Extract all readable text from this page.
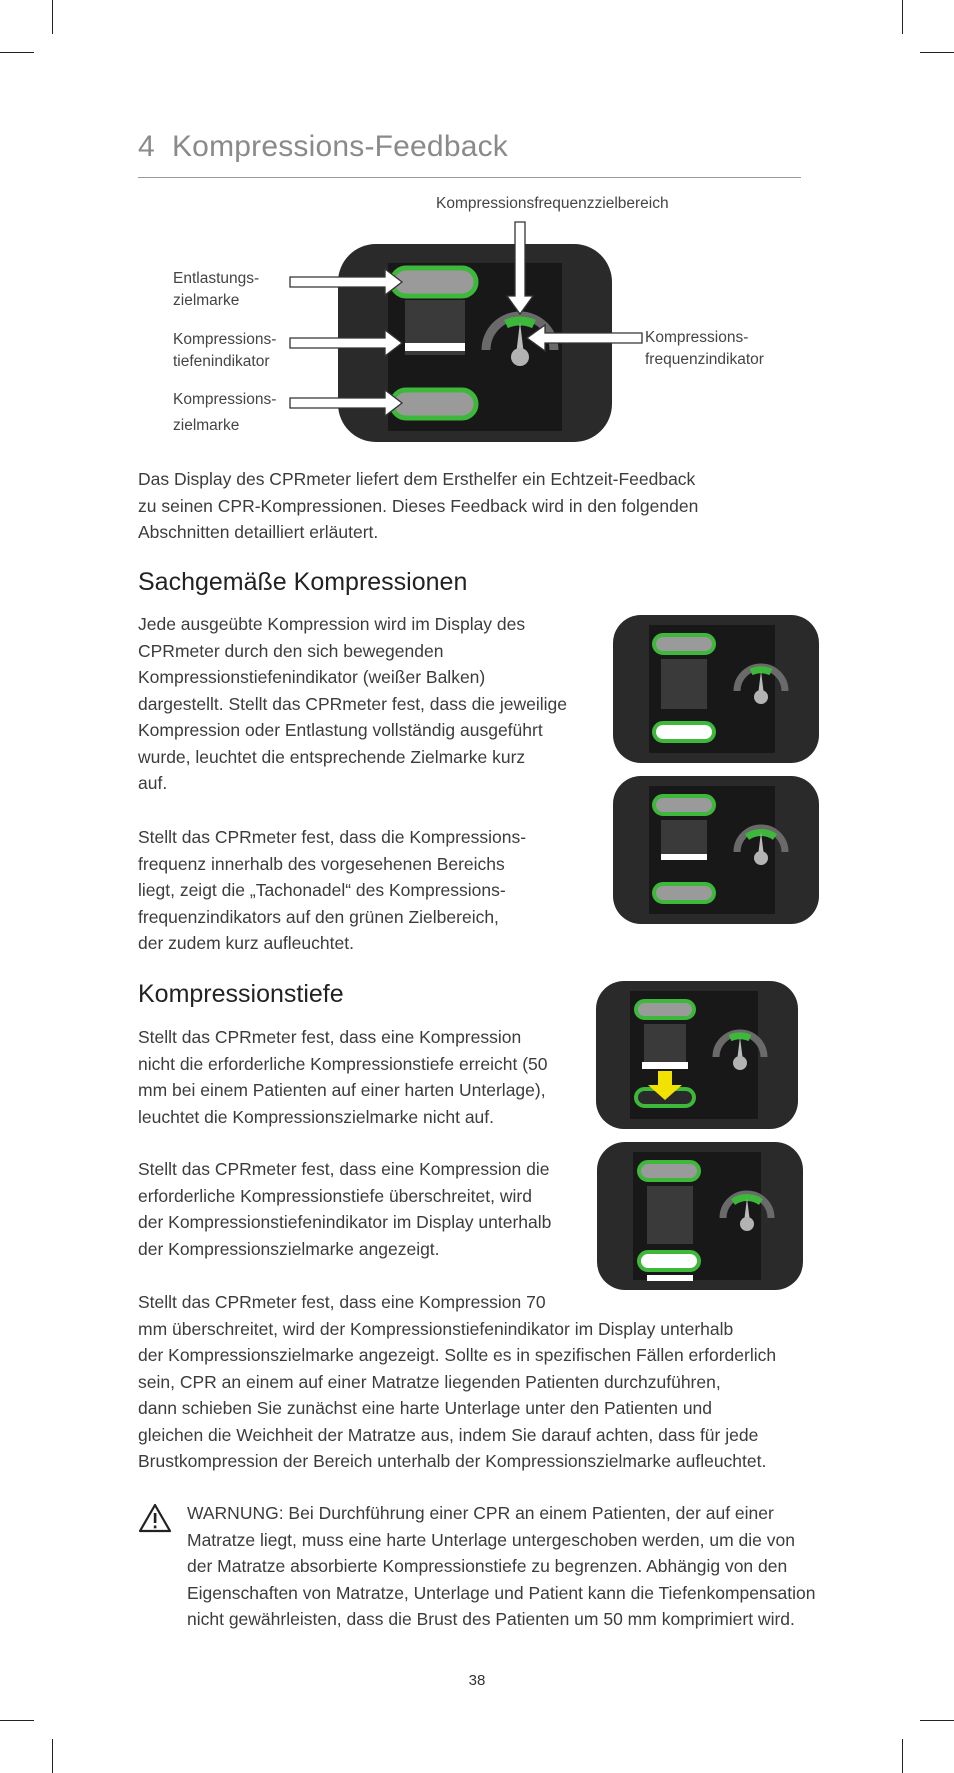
4 Kompressions-Feedback
Kompressionsfrequenzzielbereich
Entlastungs-
zielmarke
Kompressions-
tiefenindikator
Kompressions-
zielmarke
Kompressions-
frequenzindikator
Das Display des CPRmeter liefert dem Ersthelfer ein Echtzeit-Feedback
zu seinen CPR-Kompressionen. Dieses Feedback wird in den folgenden
Abschnitten detailliert erläutert.
Sachgemäße Kompressionen
Jede ausgeübte Kompression wird im Display des
CPRmeter durch den sich bewegenden
Kompressionstiefenindikator (weißer Balken)
dargestellt. Stellt das CPRmeter fest, dass die jeweilige
Kompression oder Entlastung vollständig ausgeführt
wurde, leuchtet die entsprechende Zielmarke kurz
auf.
Stellt das CPRmeter fest, dass die Kompressions-
frequenz innerhalb des vorgesehenen Bereichs
liegt, zeigt die „Tachonadel“ des Kompressions-
frequenzindikators auf den grünen Zielbereich,
der zudem kurz aufleuchtet.
Kompressionstiefe
Stellt das CPRmeter fest, dass eine Kompression
nicht die erforderliche Kompressionstiefe erreicht (50
mm bei einem Patienten auf einer harten Unterlage),
leuchtet die Kompressionszielmarke nicht auf.
Stellt das CPRmeter fest, dass eine Kompression die
erforderliche Kompressionstiefe überschreitet, wird
der Kompressionstiefenindikator im Display unterhalb
der Kompressionszielmarke angezeigt.
Stellt das CPRmeter fest, dass eine Kompression 70
mm überschreitet, wird der Kompressionstiefenindikator im Display unterhalb
der Kompressionszielmarke angezeigt. Sollte es in spezifischen Fällen erforderlich
sein, CPR an einem auf einer Matratze liegenden Patienten durchzuführen,
dann schieben Sie zunächst eine harte Unterlage unter den Patienten und
gleichen die Weichheit der Matratze aus, indem Sie darauf achten, dass für jede
Brustkompression der Bereich unterhalb der Kompressionszielmarke aufleuchtet.
WARNUNG: Bei Durchführung einer CPR an einem Patienten, der auf einer
Matratze liegt, muss eine harte Unterlage untergeschoben werden, um die von
der Matratze absorbierte Kompressionstiefe zu begrenzen. Abhängig von den
Eigenschaften von Matratze, Unterlage und Patient kann die Tiefenkompensation
nicht gewährleisten, dass die Brust des Patienten um 50 mm komprimiert wird.
38
